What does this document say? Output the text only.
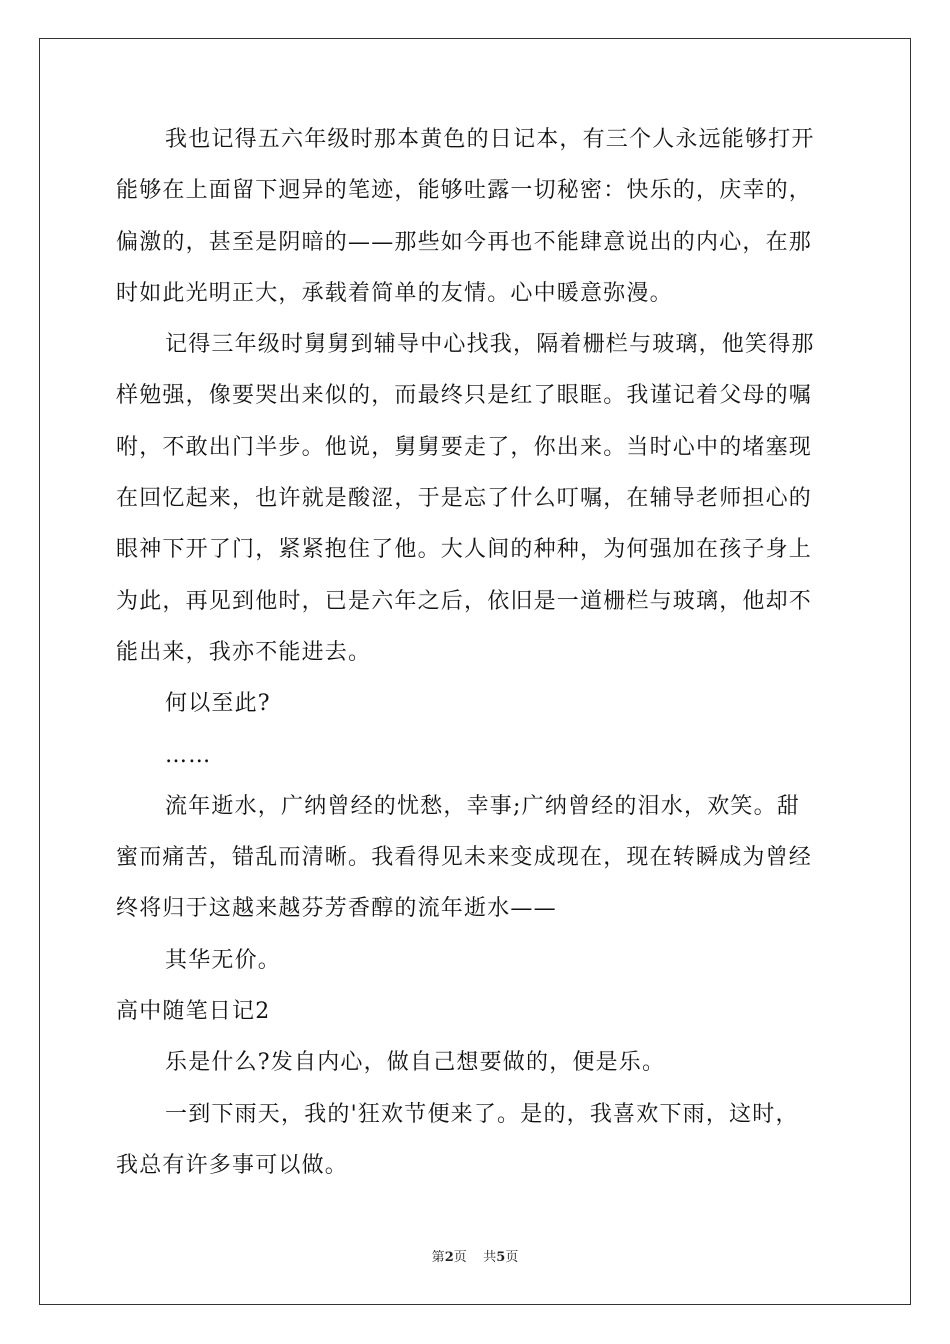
我也记得五六年级时那本黄色的日记本，有三个人永远能够打开
能够在上面留下迥异的笔迹，能够吐露一切秘密：快乐的，庆幸的，
偏激的，甚至是阴暗的——那些如今再也不能肆意说出的内心，在那
时如此光明正大，承载着简单的友情。心中暖意弥漫。
记得三年级时舅舅到辅导中心找我，隔着栅栏与玻璃，他笑得那
样勉强，像要哭出来似的，而最终只是红了眼眶。我谨记着父母的嘱
咐，不敢出门半步。他说，舅舅要走了，你出来。当时心中的堵塞现
在回忆起来，也许就是酸涩，于是忘了什么叮嘱，在辅导老师担心的
眼神下开了门，紧紧抱住了他。大人间的种种，为何强加在孩子身上
为此，再见到他时，已是六年之后，依旧是一道栅栏与玻璃，他却不
能出来，我亦不能进去。
何以至此?
……
流年逝水，广纳曾经的忧愁，幸事;广纳曾经的泪水，欢笑。甜
蜜而痛苦，错乱而清晰。我看得见未来变成现在，现在转瞬成为曾经
终将归于这越来越芬芳香醇的流年逝水——
其华无价。
高中随笔日记2
乐是什么?发自内心，做自己想要做的，便是乐。
一到下雨天，我的'狂欢节便来了。是的，我喜欢下雨，这时，
我总有许多事可以做。
第2页    共5页
